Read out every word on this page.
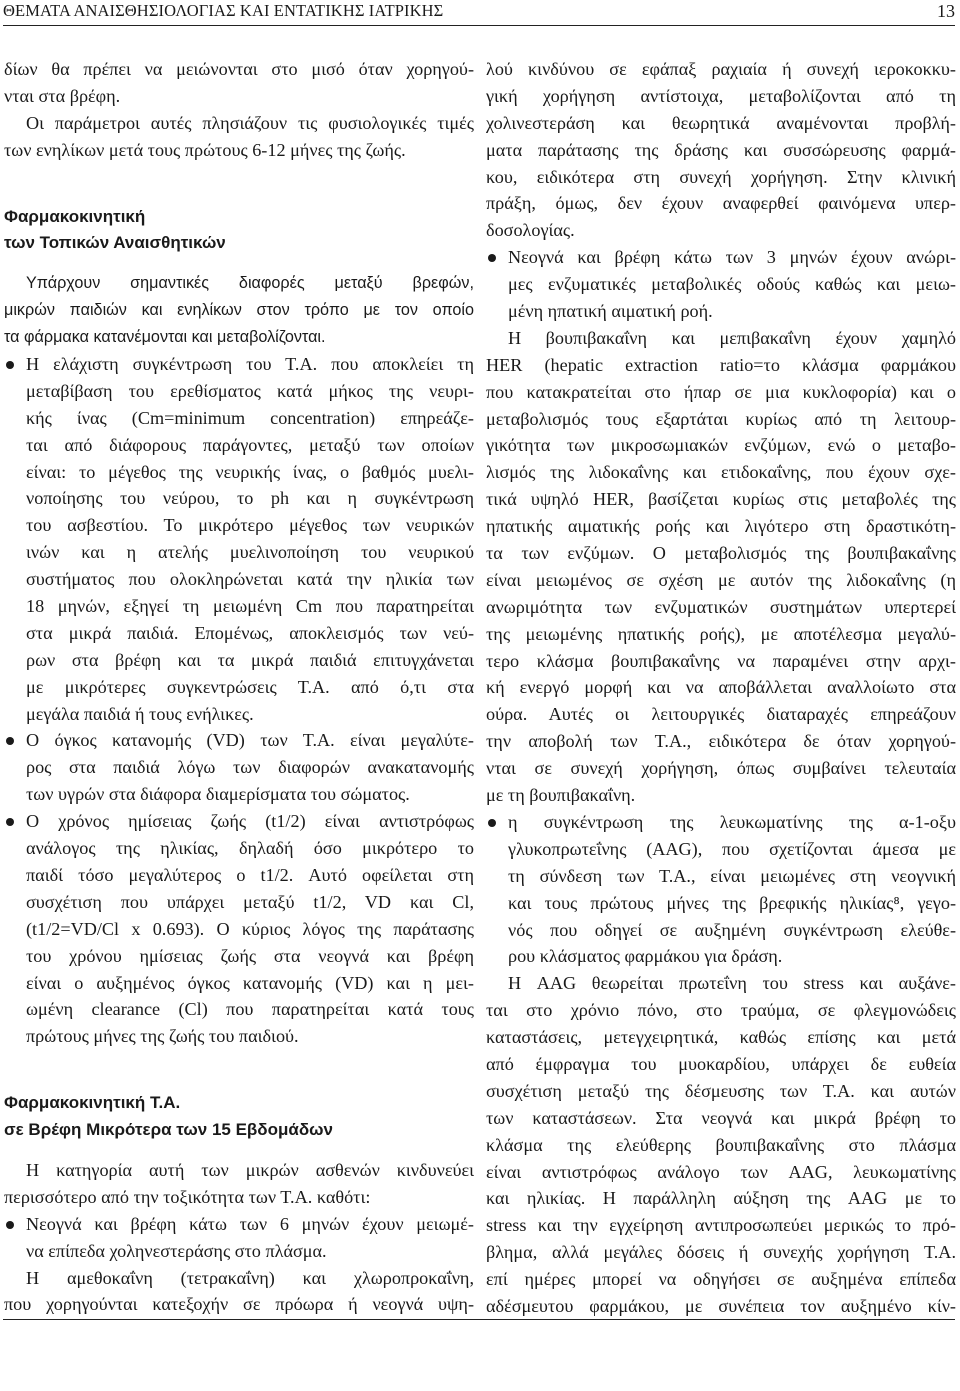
ΘΕΜΑΤΑ ΑΝΑΙΣΘΗΣΙΟΛΟΓΙΑΣ ΚΑΙ ΕΝΤΑΤΙΚΗΣ ΙΑΤΡΙΚΗΣ	13
δίων θα πρέπει να μειώνονται στο μισό όταν χορηγού-
νται στα βρέφη.
Οι παράμετροι αυτές πλησιάζουν τις φυσιολογικές τιμές
των ενηλίκων μετά τους πρώτους 6-12 μήνες της ζωής.
Φαρμακοκινητική
των Τοπικών Αναισθητικών
Υπάρχουν σημαντικές διαφορές μεταξύ βρεφών,
μικρών παιδιών και ενηλίκων στον τρόπο με τον οποίο
τα φάρμακα κατανέμονται και μεταβολίζονται.
Η ελάχιστη συγκέντρωση του Τ.Α. που αποκλείει τη
μεταβίβαση του ερεθίσματος κατά μήκος της νευρι-
κής ίνας (Cm=minimum concentration) επηρεάζε-
ται από διάφορους παράγοντες, μεταξύ των οποίων
είναι: το μέγεθος της νευρικής ίνας, ο βαθμός μυελι-
νοποίησης του νεύρου, το ph και η συγκέντρωση
του ασβεστίου. Το μικρότερο μέγεθος των νευρικών
ινών και η ατελής μυελινοποίηση του νευρικού
συστήματος που ολοκληρώνεται κατά την ηλικία των
18 μηνών, εξηγεί τη μειωμένη Cm που παρατηρείται
στα μικρά παιδιά. Επομένως, αποκλεισμός των νεύ-
ρων στα βρέφη και τα μικρά παιδιά επιτυγχάνεται
με μικρότερες συγκεντρώσεις Τ.Α. από ό,τι στα
μεγάλα παιδιά ή τους ενήλικες.
Ο όγκος κατανομής (VD) των Τ.Α. είναι μεγαλύτε-
ρος στα παιδιά λόγω των διαφορών ανακατανομής
των υγρών στα διάφορα διαμερίσματα του σώματος.
Ο χρόνος ημίσειας ζωής (t1/2) είναι αντιστρόφως
ανάλογος της ηλικίας, δηλαδή όσο μικρότερο το
παιδί τόσο μεγαλύτερος ο t1/2. Αυτό οφείλεται στη
συσχέτιση που υπάρχει μεταξύ t1/2, VD και Cl,
(t1/2=VD/Cl x 0.693). Ο κύριος λόγος της παράτασης
του χρόνου ημίσειας ζωής στα νεογνά και βρέφη
είναι ο αυξημένος όγκος κατανομής (VD) και η μει-
ωμένη clearance (Cl) που παρατηρείται κατά τους
πρώτους μήνες της ζωής του παιδιού.
Φαρμακοκινητική Τ.Α.
σε Βρέφη Μικρότερα των 15 Εβδομάδων
Η κατηγορία αυτή των μικρών ασθενών κινδυνεύει
περισσότερο από την τοξικότητα των Τ.Α. καθότι:
Νεογνά και βρέφη κάτω των 6 μηνών έχουν μειωμέ-
να επίπεδα χοληνεστεράσης στο πλάσμα.
Η αμεθοκαΐνη (τετρακαΐνη) και χλωροπροκαΐνη,
που χορηγούνται κατεξοχήν σε πρόωρα ή νεογνά υψη-
λού κινδύνου σε εφάπαξ ραχιαία ή συνεχή ιεροκοκκυ-
γική χορήγηση αντίστοιχα, μεταβολίζονται από τη
χολινεστεράση και θεωρητικά αναμένονται προβλή-
ματα παράτασης της δράσης και συσσώρευσης φαρμά-
κου, ειδικότερα στη συνεχή χορήγηση. Στην κλινική
πράξη, όμως, δεν έχουν αναφερθεί φαινόμενα υπερ-
δοσολογίας.
Νεογνά και βρέφη κάτω των 3 μηνών έχουν ανώρι-
μες ενζυματικές μεταβολικές οδούς καθώς και μειω-
μένη ηπατική αιματική ροή.
Η βουπιβακαΐνη και μεπιβακαΐνη έχουν χαμηλό
HER (hepatic extraction ratio=το κλάσμα φαρμάκου
που κατακρατείται στο ήπαρ σε μια κυκλοφορία) και ο
μεταβολισμός τους εξαρτάται κυρίως από τη λειτουρ-
γικότητα των μικροσωμιακών ενζύμων, ενώ ο μεταβο-
λισμός της λιδοκαΐνης και ετιδοκαΐνης, που έχουν σχε-
τικά υψηλό HER, βασίζεται κυρίως στις μεταβολές της
ηπατικής αιματικής ροής και λιγότερο στη δραστικότη-
τα των ενζύμων. Ο μεταβολισμός της βουπιβακαΐνης
είναι μειωμένος σε σχέση με αυτόν της λιδοκαΐνης (η
ανωριμότητα των ενζυματικών συστημάτων υπερτερεί
της μειωμένης ηπατικής ροής), με αποτέλεσμα μεγαλύ-
τερο κλάσμα βουπιβακαΐνης να παραμένει στην αρχι-
κή ενεργό μορφή και να αποβάλλεται αναλλοίωτο στα
ούρα. Αυτές οι λειτουργικές διαταραχές επηρεάζουν
την αποβολή των Τ.Α., ειδικότερα δε όταν χορηγού-
νται σε συνεχή χορήγηση, όπως συμβαίνει τελευταία
με τη βουπιβακαΐνη.
η συγκέντρωση της λευκωματίνης της α-1-οξυ
γλυκοπρωτεΐνης (AAG), που σχετίζονται άμεσα με
τη σύνδεση των Τ.Α., είναι μειωμένες στη νεογνική
και τους πρώτους μήνες της βρεφικής ηλικίας⁸, γεγο-
νός που οδηγεί σε αυξημένη συγκέντρωση ελεύθε-
ρου κλάσματος φαρμάκου για δράση.
Η AAG θεωρείται πρωτεΐνη του stress και αυξάνε-
ται στο χρόνιο πόνο, στο τραύμα, σε φλεγμονώδεις
καταστάσεις, μετεγχειρητικά, καθώς επίσης και μετά
από έμφραγμα του μυοκαρδίου, υπάρχει δε ευθεία
συσχέτιση μεταξύ της δέσμευσης των Τ.Α. και αυτών
των καταστάσεων. Στα νεογνά και μικρά βρέφη το
κλάσμα της ελεύθερης βουπιβακαΐνης στο πλάσμα
είναι αντιστρόφως ανάλογο των AAG, λευκωματίνης
και ηλικίας. Η παράλληλη αύξηση της AAG με το
stress και την εγχείρηση αντιπροσωπεύει μερικώς το πρό-
βλημα, αλλά μεγάλες δόσεις ή συνεχής χορήγηση Τ.Α.
επί ημέρες μπορεί να οδηγήσει σε αυξημένα επίπεδα
αδέσμευτου φαρμάκου, με συνέπεια τον αυξημένο κίν-
